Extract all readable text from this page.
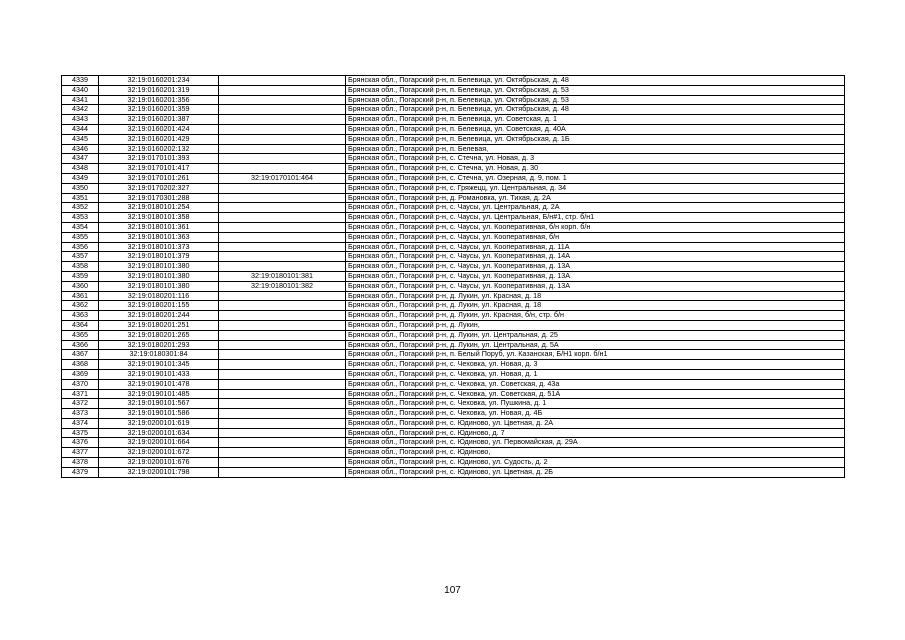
4339	32:19:0160201:234		Брянская обл., Погарский р-н, п. Белевица, ул. Октябрьская, д. 48
4340	32:19:0160201:319		Брянская обл., Погарский р-н, п. Белевица, ул. Октябрьская, д. 53
4341	32:19:0160201:356		Брянская обл., Погарский р-н, п. Белевица, ул. Октябрьская, д. 53
4342	32:19:0160201:359		Брянская обл., Погарский р-н, п. Белевица, ул. Октябрьская, д. 48
4343	32:19:0160201:387		Брянская обл., Погарский р-н, п. Белевица, ул. Советская, д. 1
4344	32:19:0160201:424		Брянская обл., Погарский р-н, п. Белевица, ул. Советская, д. 40А
4345	32:19:0160201:429		Брянская обл., Погарский р-н, п. Белевица, ул. Октябрьская, д. 1Б
4346	32:19:0160202:132		Брянская обл., Погарский р-н, п. Белевая,
4347	32:19:0170101:393		Брянская обл., Погарский р-н, с. Стечна, ул. Новая, д. 3
4348	32:19:0170101:417		Брянская обл., Погарский р-н, с. Стечна, ул. Новая, д. 30
4349	32:19:0170101:261	32:19:0170101:464	Брянская обл., Погарский р-н, с. Стечна, ул. Озерная, д. 9, пом. 1
4350	32:19:0170202:327		Брянская обл., Погарский р-н, с. Гряжецц, ул. Центральная, д. 34
4351	32:19:0170301:288		Брянская обл., Погарский р-н, д. Романовка, ул. Тихая, д. 2А
4352	32:19:0180101:254		Брянская обл., Погарский р-н, с. Чаусы, ул. Центральная, д. 2А
4353	32:19:0180101:358		Брянская обл., Погарский р-н, с. Чаусы, ул. Центральная, Б/н#1, стр. б/н1
4354	32:19:0180101:361		Брянская обл., Погарский р-н, с. Чаусы, ул. Кооперативная, б/н корп. б/н
4355	32:19:0180101:363		Брянская обл., Погарский р-н, с. Чаусы, ул. Кооперативная, б/н
4356	32:19:0180101:373		Брянская обл., Погарский р-н, с. Чаусы, ул. Кооперативная, д. 11А
4357	32:19:0180101:379		Брянская обл., Погарский р-н, с. Чаусы, ул. Кооперативная, д. 14А
4358	32:19:0180101:380		Брянская обл., Погарский р-н, с. Чаусы, ул. Кооперативная, д. 13А
4359	32:19:0180101:380	32:19:0180101:381	Брянская обл., Погарский р-н, с. Чаусы, ул. Кооперативная, д. 13А
4360	32:19:0180101:380	32:19:0180101:382	Брянская обл., Погарский р-н, с. Чаусы, ул. Кооперативная, д. 13А
4361	32:19:0180201:116		Брянская обл., Погарский р-н, д. Лукин, ул. Красная, д. 18
4362	32:19:0180201:155		Брянская обл., Погарский р-н, д. Лукин, ул. Красная, д. 18
4363	32:19:0180201:244		Брянская обл., Погарский р-н, д. Лукин, ул. Красная, б/н, стр. б/н
4364	32:19:0180201:251		Брянская обл., Погарский р-н, д. Лукин,
4365	32:19:0180201:265		Брянская обл., Погарский р-н, д. Лукин, ул. Центральная, д. 25
4366	32:19:0180201:293		Брянская обл., Погарский р-н, д. Лукин, ул. Центральная, д. 5А
4367	32:19:0180301:84		Брянская обл., Погарский р-н, п. Белый Поруб, ул. Казанская, Б/Н1 корп. б/н1
4368	32:19:0190101:345		Брянская обл., Погарский р-н, с. Чеховка, ул. Новая, д. 3
4369	32:19:0190101:433		Брянская обл., Погарский р-н, с. Чеховка, ул. Новая, д. 1
4370	32:19:0190101:478		Брянская обл., Погарский р-н, с. Чеховка, ул. Советская, д. 43а
4371	32:19:0190101:485		Брянская обл., Погарский р-н, с. Чеховка, ул. Советская, д. 51А
4372	32:19:0190101:567		Брянская обл., Погарский р-н, с. Чеховка, ул. Пушкина, д. 1
4373	32:19:0190101:586		Брянская обл., Погарский р-н, с. Чеховка, ул. Новая, д. 4Б
4374	32:19:0200101:619		Брянская обл., Погарский р-н, с. Юдиново, ул. Цветная, д. 2А
4375	32:19:0200101:634		Брянская обл., Погарский р-н, с. Юдиново, д. 7
4376	32:19:0200101:664		Брянская обл., Погарский р-н, с. Юдиново, ул. Первомайская, д. 29А
4377	32:19:0200101:672		Брянская обл., Погарский р-н, с. Юдиново,
4378	32:19:0200101:676		Брянская обл., Погарский р-н, с. Юдиново, ул. Судость, д. 2
4379	32:19:0200101:798		Брянская обл., Погарский р-н, с. Юдиново, ул. Цветная, д. 2Б
107
